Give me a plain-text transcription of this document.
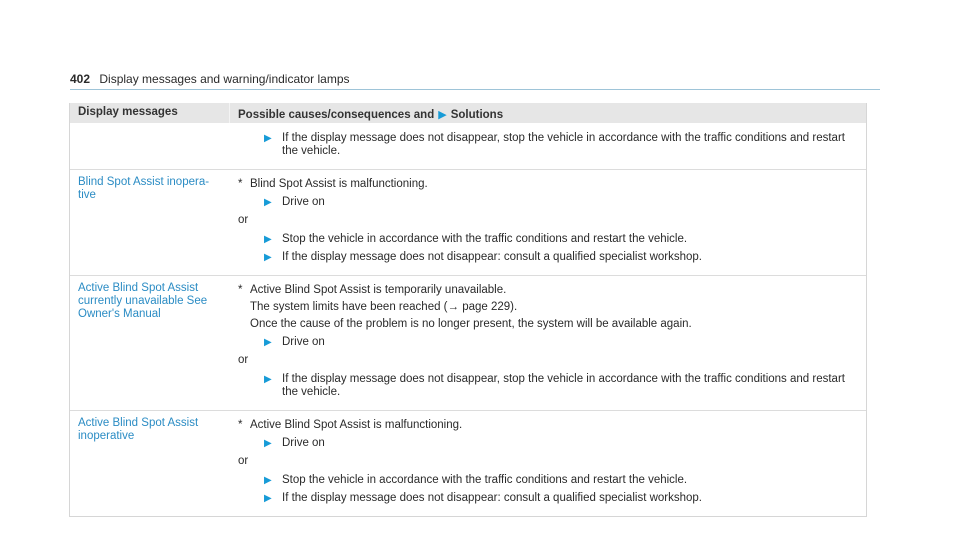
402 Display messages and warning/indicator lamps
Display messages	Possible causes/consequences and ▶ Solutions
▶ If the display message does not disappear, stop the vehicle in accordance with the traffic conditions and restart
the vehicle.
Blind Spot Assist inopera-
tive
* Blind Spot Assist is malfunctioning.
▶ Drive on
or
▶ Stop the vehicle in accordance with the traffic conditions and restart the vehicle.
▶ If the display message does not disappear: consult a qualified specialist workshop.
Active Blind Spot Assist
currently unavailable See
Owner's Manual
* Active Blind Spot Assist is temporarily unavailable.
The system limits have been reached (→ page 229).
Once the cause of the problem is no longer present, the system will be available again.
▶ Drive on
or
▶ If the display message does not disappear, stop the vehicle in accordance with the traffic conditions and restart
the vehicle.
Active Blind Spot Assist
inoperative
* Active Blind Spot Assist is malfunctioning.
▶ Drive on
or
▶ Stop the vehicle in accordance with the traffic conditions and restart the vehicle.
▶ If the display message does not disappear: consult a qualified specialist workshop.
